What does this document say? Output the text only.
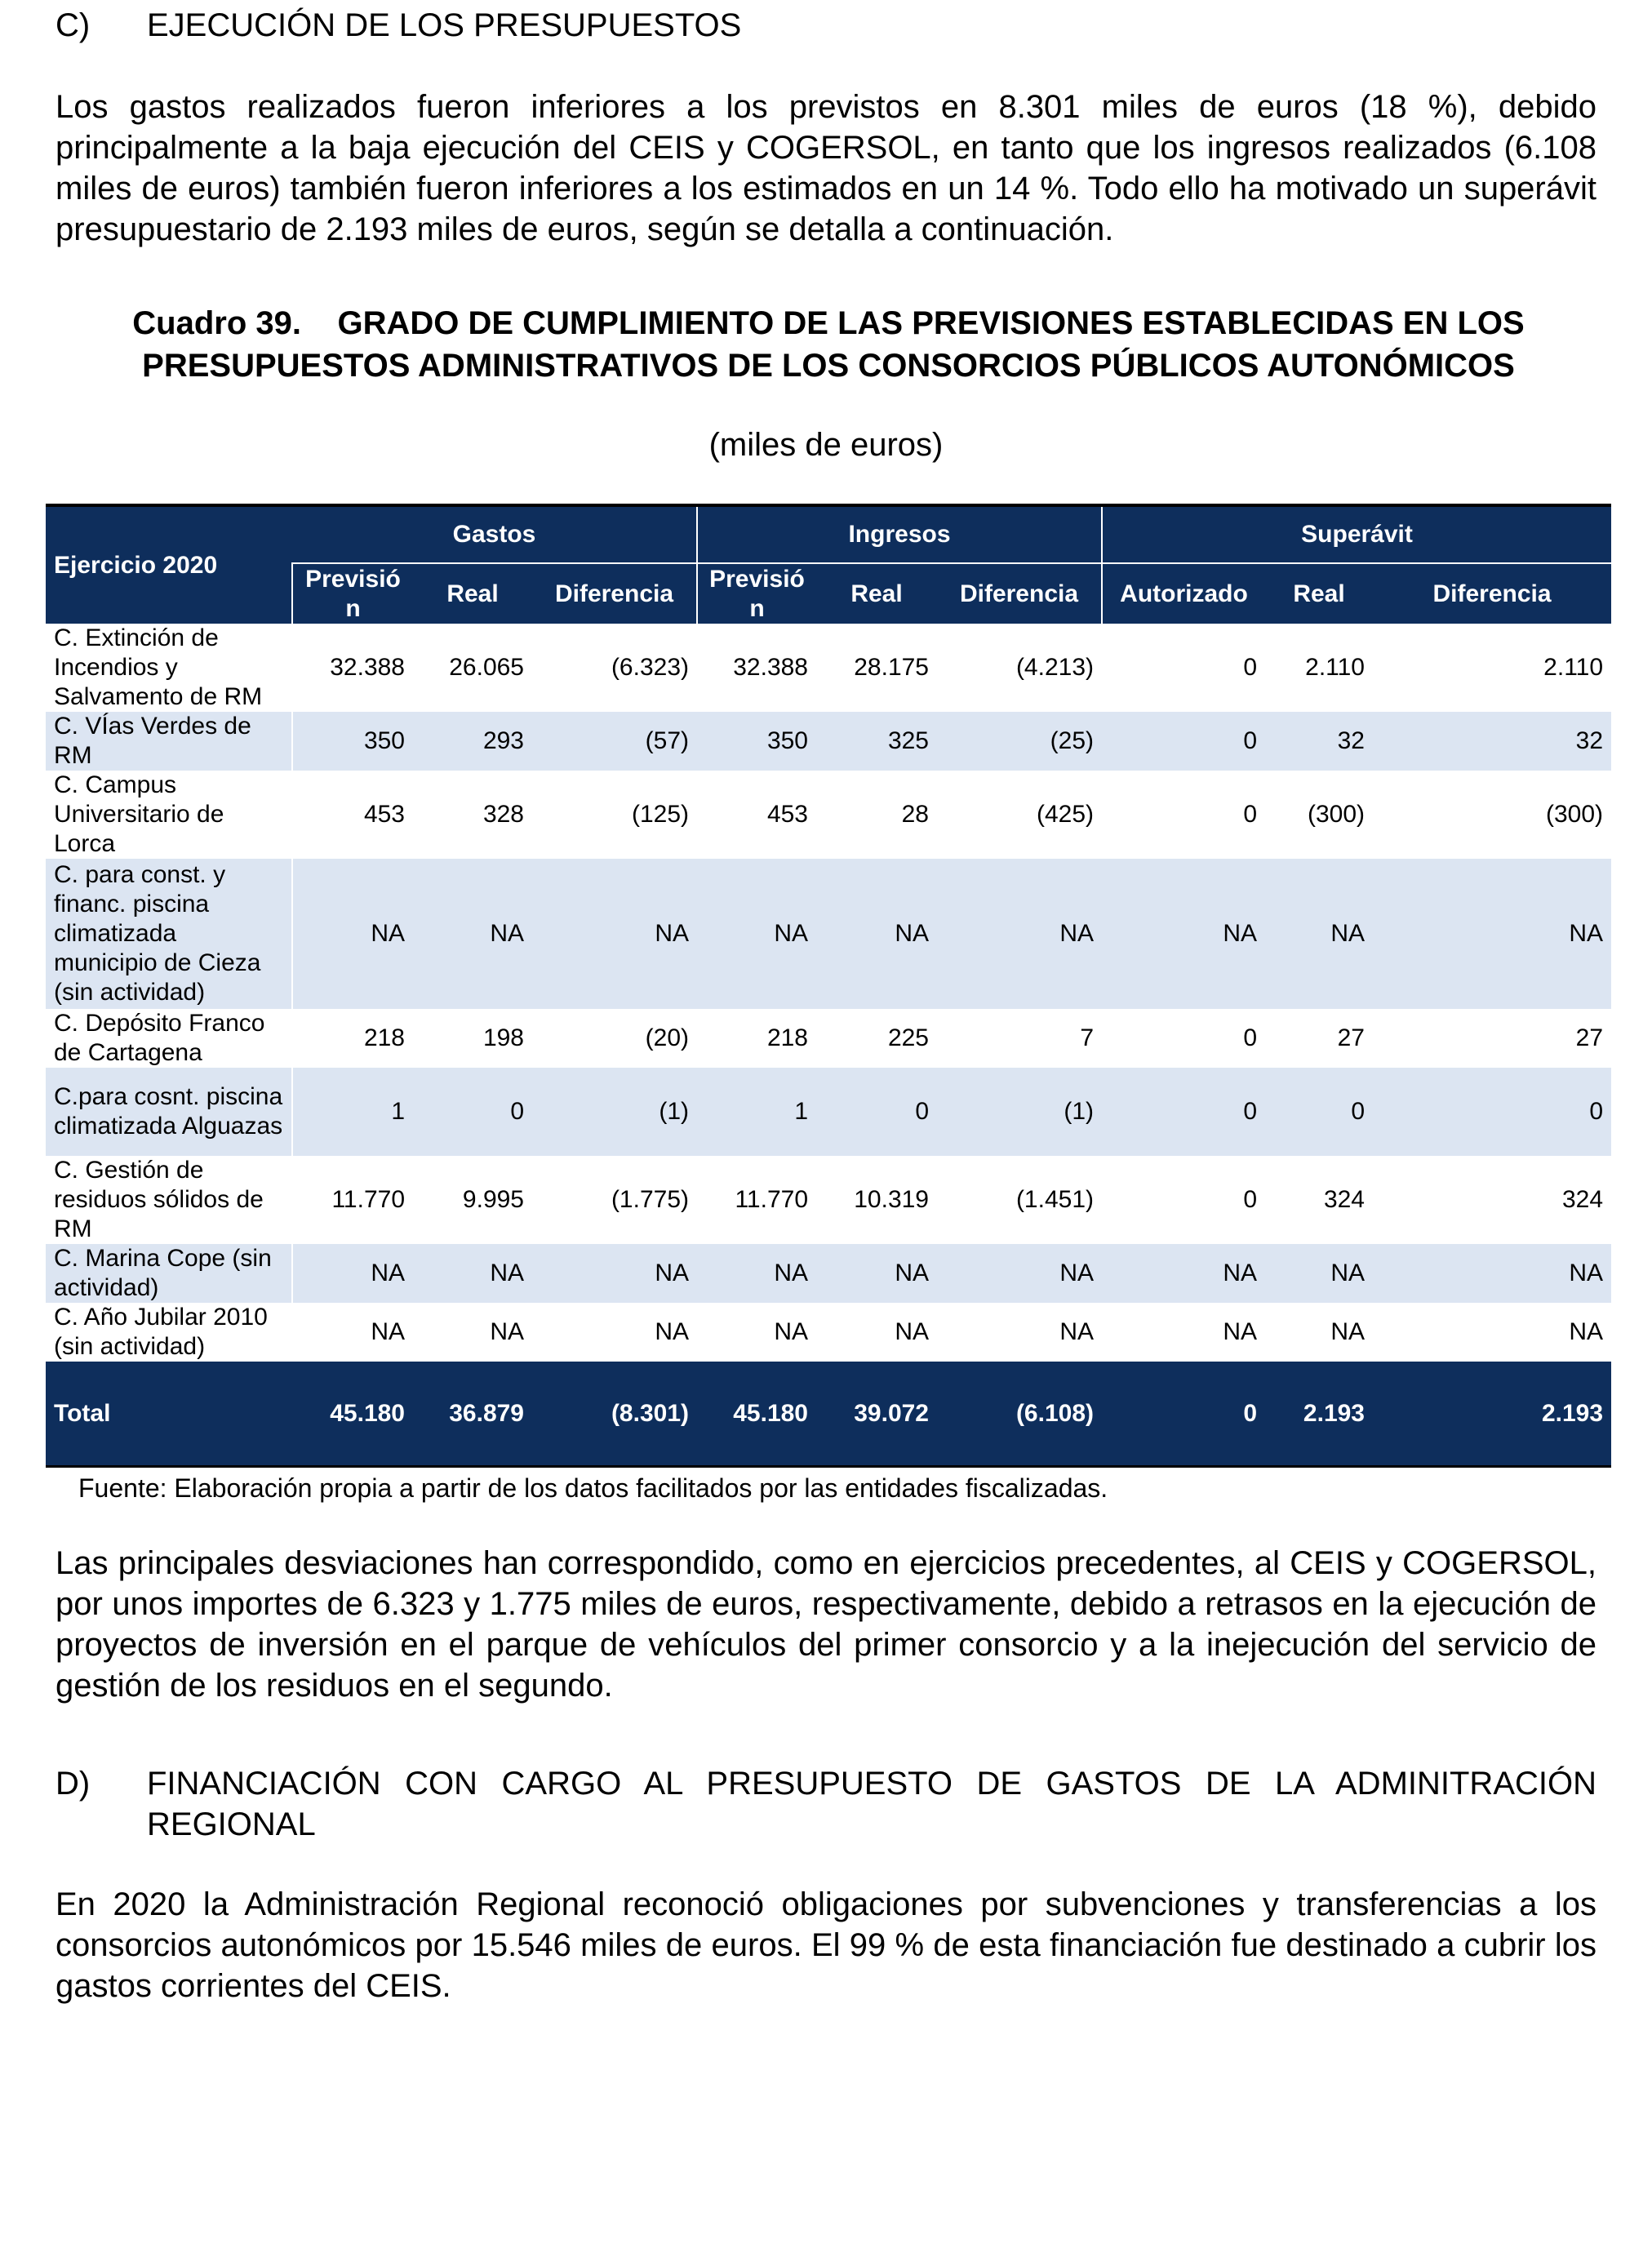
C) EJECUCIÓN DE LOS PRESUPUESTOS
Los gastos realizados fueron inferiores a los previstos en 8.301 miles de euros (18 %), debido principalmente a la baja ejecución del CEIS y COGERSOL, en tanto que los ingresos realizados (6.108 miles de euros) también fueron inferiores a los estimados en un 14 %. Todo ello ha motivado un superávit presupuestario de 2.193 miles de euros, según se detalla a continuación.
Cuadro 39.    GRADO DE CUMPLIMIENTO DE LAS PREVISIONES ESTABLECIDAS EN LOS
PRESUPUESTOS ADMINISTRATIVOS DE LOS CONSORCIOS PÚBLICOS AUTONÓMICOS
(miles de euros)
Ejercicio 2020	Gastos			Ingresos			Superávit		
	Previsión	Real	Diferencia	Previsión	Real	Diferencia	Autorizado	Real	Diferencia
C. Extinción de Incendios y Salvamento de RM	32.388	26.065	(6.323)	32.388	28.175	(4.213)	0	2.110	2.110
C. VÍas Verdes de RM	350	293	(57)	350	325	(25)	0	32	32
C. Campus Universitario de Lorca	453	328	(125)	453	28	(425)	0	(300)	(300)
C. para const. y financ. piscina climatizada municipio de Cieza (sin actividad)	NA	NA	NA	NA	NA	NA	NA	NA	NA
C. Depósito Franco de Cartagena	218	198	(20)	218	225	7	0	27	27
C.para cosnt. piscina climatizada Alguazas	1	0	(1)	1	0	(1)	0	0	0
C. Gestión de residuos sólidos de RM	11.770	9.995	(1.775)	11.770	10.319	(1.451)	0	324	324
C. Marina Cope (sin actividad)	NA	NA	NA	NA	NA	NA	NA	NA	NA
C. Año Jubilar 2010 (sin actividad)	NA	NA	NA	NA	NA	NA	NA	NA	NA
Total	45.180	36.879	(8.301)	45.180	39.072	(6.108)	0	2.193	2.193
Fuente: Elaboración propia a partir de los datos facilitados por las entidades fiscalizadas.
Las principales desviaciones han correspondido, como en ejercicios precedentes, al CEIS y COGERSOL, por unos importes de 6.323 y 1.775 miles de euros, respectivamente, debido a retrasos en la ejecución de proyectos de inversión en el parque de vehículos del primer consorcio y a la inejecución del servicio de gestión de los residuos en el segundo.
D)	FINANCIACIÓN CON CARGO AL PRESUPUESTO DE GASTOS DE LA ADMINITRACIÓN REGIONAL
En 2020 la Administración Regional reconoció obligaciones por subvenciones y transferencias a los consorcios autonómicos por 15.546 miles de euros. El 99 % de esta financiación fue destinado a cubrir los gastos corrientes del CEIS.
